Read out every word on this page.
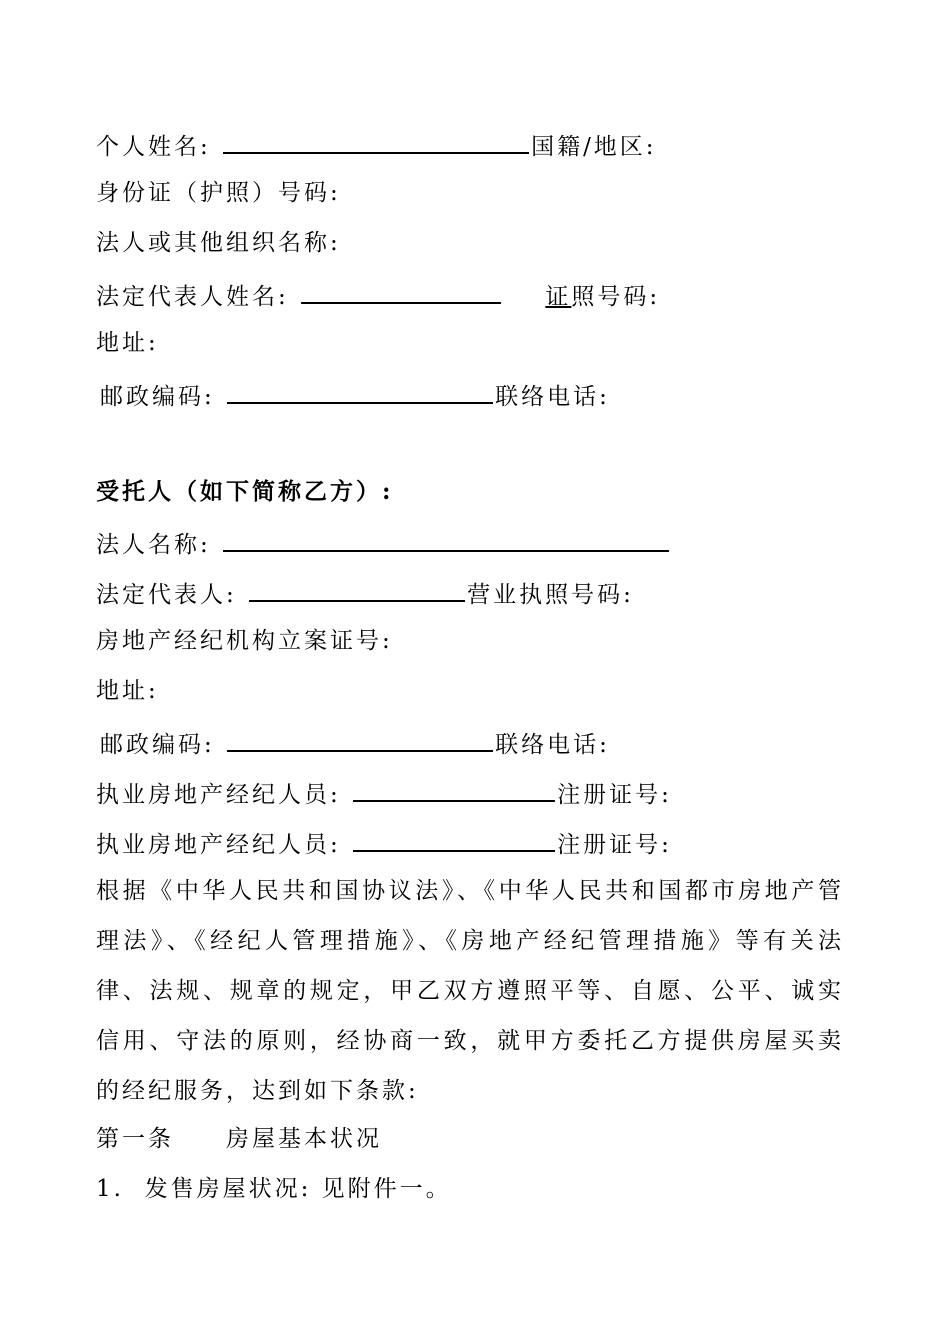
个人姓名:	国籍/地区:
身份证（护照）号码:
法人或其他组织名称:
法定代表人姓名:	证照号码:
地址:
邮政编码:	联络电话:
受托人（如下简称乙方）:
法人名称:
法定代表人:	营业执照号码:
房地产经纪机构立案证号:
地址:
邮政编码:	联络电话:
执业房地产经纪人员:	注册证号:
执业房地产经纪人员:	注册证号:
根据《中华人民共和国协议法》、《中华人民共和国都市房地产管理法》、《经纪人管理措施》、《房地产经纪管理措施》等有关法律、法规、规章的规定，甲乙双方遵照平等、自愿、公平、诚实信用、守法的原则，经协商一致，就甲方委托乙方提供房屋买卖的经纪服务，达到如下条款:
第一条　　房屋基本状况
1.  发售房屋状况: 见附件一。
